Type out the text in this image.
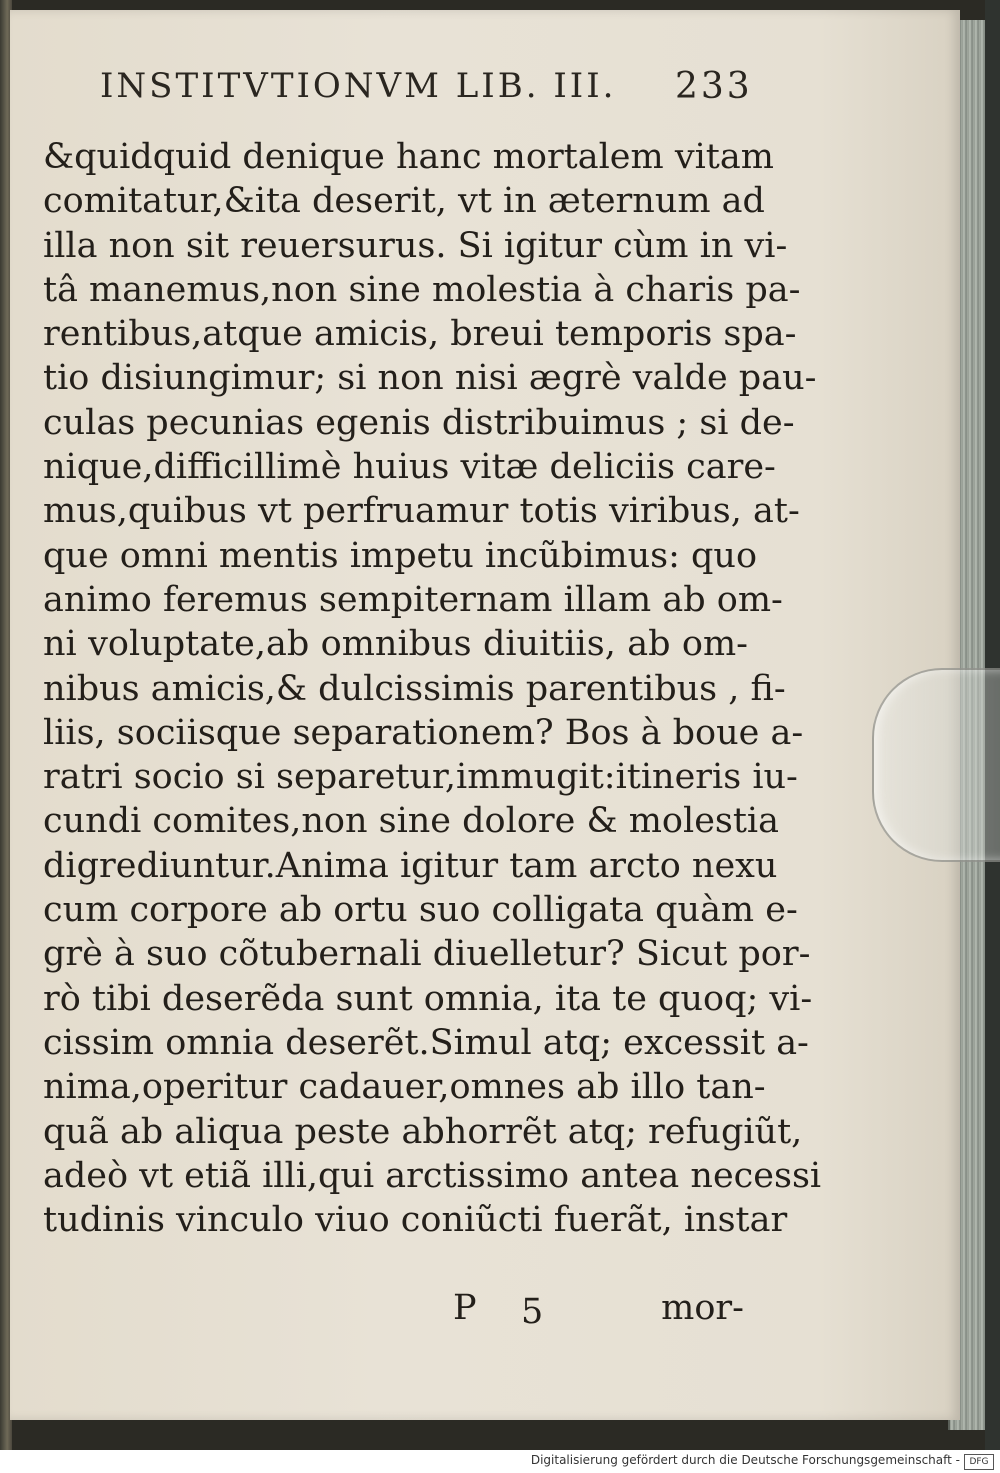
INSTITVTIONVM LIB. III. 233
&quidquid denique hanc mortalem vitam
comitatur,&ita deserit, vt in æternum ad
illa non sit reuersurus. Si igitur cùm in vi-
tâ manemus,non sine molestia à charis pa-
rentibus,atque amicis, breui temporis spa-
tio disiungimur; si non nisi ægrè valde pau-
culas pecunias egenis distribuimus ; si de-
nique,difficillimè huius vitæ deliciis care-
mus,quibus vt perfruamur totis viribus, at-
que omni mentis impetu incũbimus: quo
animo feremus sempiternam illam ab om-
ni voluptate,ab omnibus diuitiis, ab om-
nibus amicis,& dulcissimis parentibus , fi-
liis, sociisque separationem? Bos à boue a-
ratri socio si separetur,immugit:itineris iu-
cundi comites,non sine dolore & molestia
digrediuntur.Anima igitur tam arcto nexu
cum corpore ab ortu suo colligata quàm e-
grè à suo cõtubernali diuelletur? Sicut por-
rò tibi deserẽda sunt omnia, ita te quoq; vi-
cissim omnia deserẽt.Simul atq; excessit a-
nima,operitur cadauer,omnes ab illo tan-
quã ab aliqua peste abhorrẽt atq; refugiũt,
adeò vt etiã illi,qui arctissimo antea necessi
tudinis vinculo viuo coniũcti fuerãt, instar
P 5	mor-
Digitalisierung gefördert durch die Deutsche Forschungsgemeinschaft -	DFG
